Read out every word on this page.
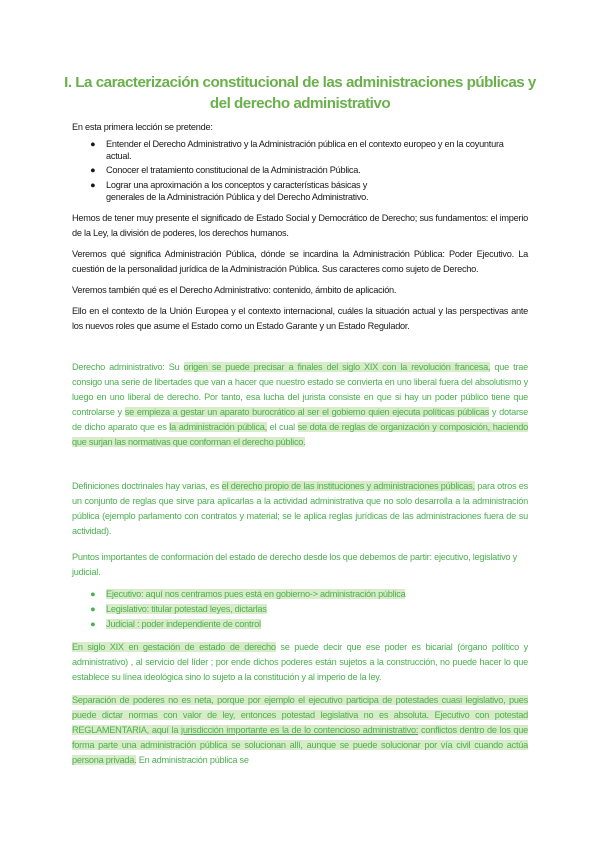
I. La caracterización constitucional de las administraciones públicas y del derecho administrativo
En esta primera lección se pretende:
● Entender el Derecho Administrativo y la Administración pública en el contexto europeo y en la coyuntura actual.
● Conocer el tratamiento constitucional de la Administración Pública.
● Lograr una aproximación a los conceptos y características básicas y generales de la Administración Pública y del Derecho Administrativo.
Hemos de tener muy presente el significado de Estado Social y Democrático de Derecho; sus fundamentos: el imperio de la Ley, la división de poderes, los derechos humanos.
Veremos qué significa Administración Pública, dónde se incardina la Administración Pública: Poder Ejecutivo. La cuestión de la personalidad jurídica de la Administración Pública. Sus caracteres como sujeto de Derecho.
Veremos también qué es el Derecho Administrativo: contenido, ámbito de aplicación.
Ello en el contexto de la Unión Europea y el contexto internacional, cuáles la situación actual y las perspectivas ante los nuevos roles que asume el Estado como un Estado Garante y un Estado Regulador.
Derecho administrativo: Su origen se puede precisar a finales del siglo XIX con la revolución francesa, que trae consigo una serie de libertades que van a hacer que nuestro estado se convierta en uno liberal fuera del absolutismo y luego en uno liberal de derecho. Por tanto, esa lucha del jurista consiste en que si hay un poder público tiene que controlarse y se empieza a gestar un aparato burocrático al ser el gobierno quien ejecuta políticas públicas y dotarse de dicho aparato que es la administración pública, el cual se dota de reglas de organización y composición, haciendo que surjan las normativas que conforman el derecho público.
Definiciones doctrinales hay varias, es el derecho propio de las instituciones y administraciones públicas, para otros es un conjunto de reglas que sirve para aplicarlas a la actividad administrativa que no solo desarrolla a la administración pública (ejemplo parlamento con contratos y material; se le aplica reglas jurídicas de las administraciones fuera de su actividad).
Puntos importantes de conformación del estado de derecho desde los que debemos de partir: ejecutivo, legislativo y judicial.
● Ejecutivo: aquí nos centramos pues está en gobierno-> administración pública
● Legislativo: titular potestad leyes, dictarlas
● Judicial : poder independiente de control
En siglo XIX en gestación de estado de derecho se puede decir que ese poder es bicarial (órgano político y administrativo) , al servicio del líder ; por ende dichos poderes están sujetos a la construcción, no puede hacer lo que establece su línea ideológica sino lo sujeto a la constitución y al imperio de la ley.
Separación de poderes no es neta, porque por ejemplo el ejecutivo participa de potestades cuasi legislativo, pues puede dictar normas con valor de ley, entonces potestad legislativa no es absoluta. Ejecutivo con potestad REGLAMENTARIA, aquí la jurisdicción importante es la de lo contencioso administrativo: conflictos dentro de los que forma parte una administración pública se solucionan allí, aunque se puede solucionar por vía civil cuando actúa persona privada. En administración pública se
